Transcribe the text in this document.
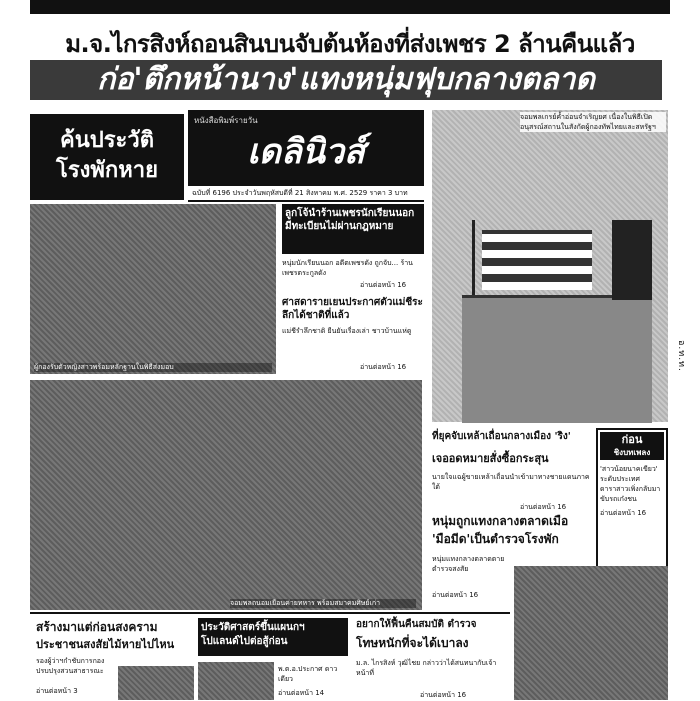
ม.จ.ไกรสิงห์ถอนสินบนจับต้นห้องที่ส่งเพชร 2 ล้านคืนแล้ว
ก่อ'ตึกหน้านาง'แทงหนุ่มฟุบกลางตลาด
ค้นประวัติ
โรงพักหาย
หนังสือพิมพ์รายวัน
เดลินิวส์
ฉบับที่ 6196 ประจำวันพฤหัสบดีที่ 21 สิงหาคม พ.ศ. 2529 ราคา 3 บาท
จอมพลเกรย์ค้ำอ่อนจำเริญยศ เนื่องในพิธีเปิดอนุสรณ์สถานในสังกัดผู้กองทัพไทยและสหรัฐฯ
ผู้กองรับตัวหญิงสาวพร้อมหลักฐานในพิธีส่งมอบ
ลูกโจ้นำร้านเพชรนักเรียนนอก มีทะเบียนไม่ผ่านกฎหมาย
หนุ่มนักเรียนนอก อดีตเพชรดัง ถูกจับ... ร้านเพชรตระกูลดัง
อ่านต่อหน้า 16
ศาสดารายเยนประกาศตัวแม่ชีระลึกได้ชาติที่แล้ว
แม่ชีรำลึกชาติ ยืนยันเรื่องเล่า ชาวบ้านแห่ดู
อ่านต่อหน้า 16
จอมพลถนอมเยือนค่ายทหาร พร้อมสมาคมศิษย์เก่า
ที่ยุคจับเหล้าเถื่อนกลางเมือง 'ริง'
เจออดหมายสั่งซื้อกระสุน
นายใจแฉผู้ขายเหล้าเถื่อนนำเข้ามาทางชายแดนภาคใต้
อ่านต่อหน้า 16
ก่อน
ชิงบทเพลง
'สาวน้อยนาคเขียว'
ระดับประเทศ
ดาราสาวเพิ่งกลับมา
ขับรถเก๋งชน
อ่านต่อหน้า 16
หนุ่มถูกแทงกลางตลาดเมือ
'มือมีด'เป็นตำรวจโรงพัก
หนุ่มแทงกลางตลาดตาย ตำรวจสงสัย
อ่านต่อหน้า 16
อ.ท.ท.
สร้างมาแต่ก่อนสงคราม
ประชาชนสงสัยไม้หายไปไหน
รองผู้ว่าฯกำชับการกอง ปรบปรุงสวนสาธารณะ
อ่านต่อหน้า 3
ประวัติศาสตร์ขึ้นแผนกฯ
โปแลนด์ไปต่อสู้ก่อน
พ.ต.อ.ประกาศ ดาวเดียว
อ่านต่อหน้า 14
อยากให้ฟื้นคืนสมบัติ ตำรวจ
โทษหนักที่จะได้เบาลง
ม.ล. ไกรสิงห์ วุฒิไชย กล่าวว่าได้สนทนากับเจ้าหน้าที่
อ่านต่อหน้า 16
